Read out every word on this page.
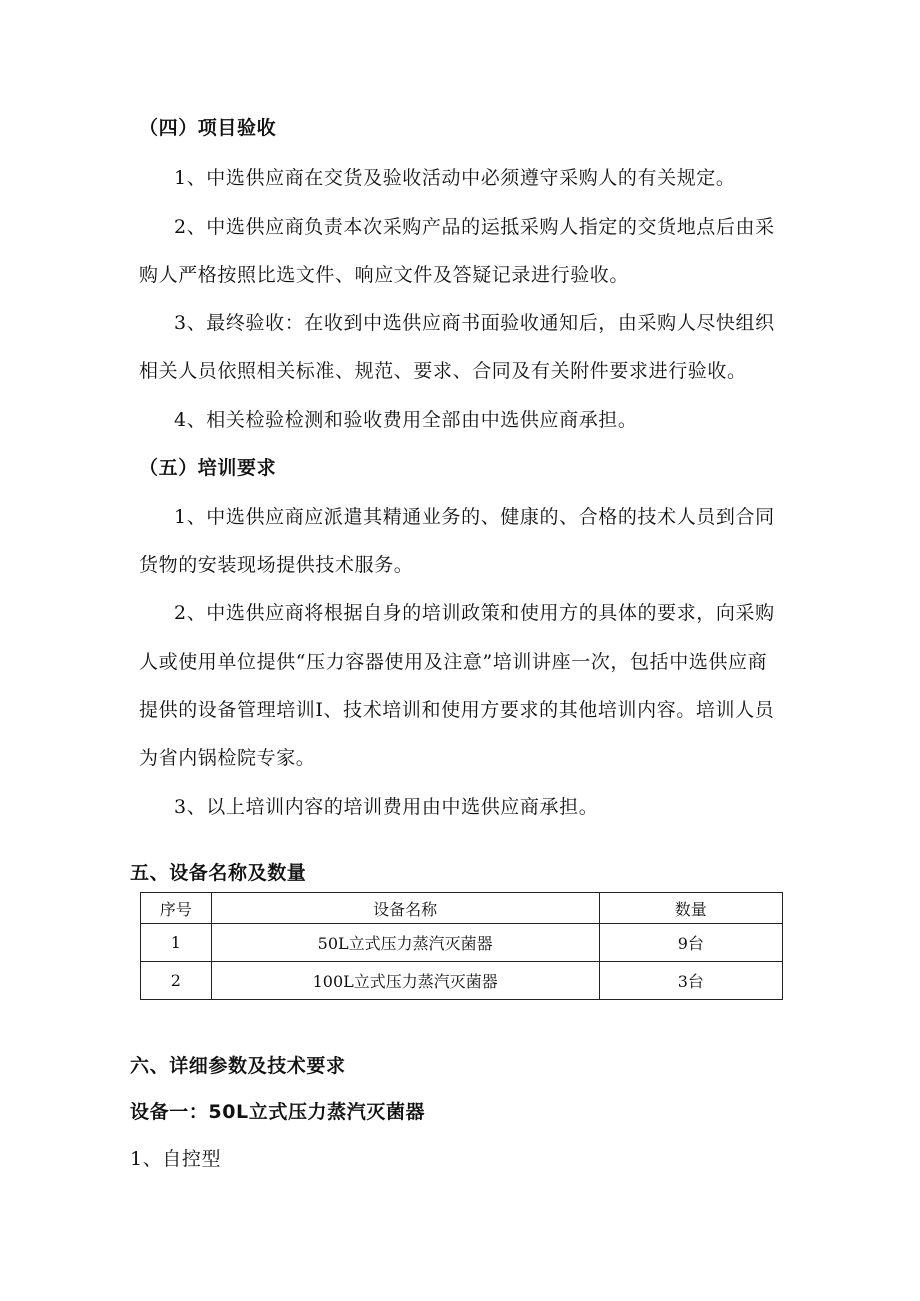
（四）项目验收
1、中选供应商在交货及验收活动中必须遵守采购人的有关规定。
2、中选供应商负责本次采购产品的运抵采购人指定的交货地点后由采
购人严格按照比选文件、响应文件及答疑记录进行验收。
3、最终验收：在收到中选供应商书面验收通知后，由采购人尽快组织
相关人员依照相关标准、规范、要求、合同及有关附件要求进行验收。
4、相关检验检测和验收费用全部由中选供应商承担。
（五）培训要求
1、中选供应商应派遣其精通业务的、健康的、合格的技术人员到合同
货物的安装现场提供技术服务。
2、中选供应商将根据自身的培训政策和使用方的具体的要求，向采购
人或使用单位提供“压力容器使用及注意”培训讲座一次，包括中选供应商
提供的设备管理培训I、技术培训和使用方要求的其他培训内容。培训人员
为省内锅检院专家。
3、以上培训内容的培训费用由中选供应商承担。
五、设备名称及数量
序号	设备名称	数量
1	50L立式压力蒸汽灭菌器	9台
2	100L立式压力蒸汽灭菌器	3台
六、详细参数及技术要求
设备一：50L立式压力蒸汽灭菌器
1、自控型
